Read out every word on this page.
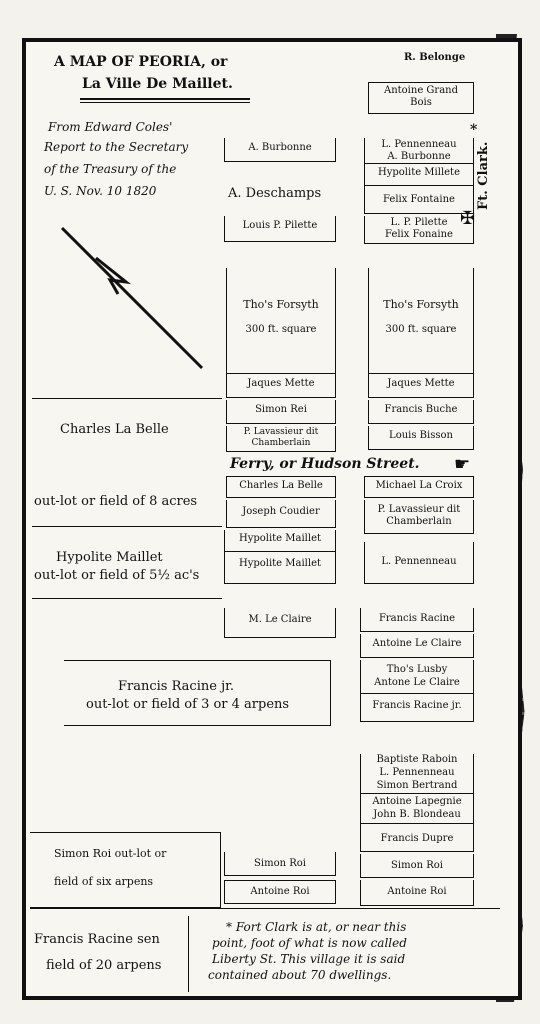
A MAP OF PEORIA, or
La Ville De Maillet.
From Edward Coles'
Report to the Secretary
of the Treasury of the
U. S. Nov. 10 1820
R. Belonge
A. Deschamps	Ft. Clark.
✠
*
A. Burbonne
Louis P. Pilette
Tho's Forsyth
300 ft. square
Jaques Mette
Simon Rei
P. Lavassieur dit
Chamberlain
Ferry, or Hudson Street. ☛
Charles La Belle
Joseph Coudier
Hypolite Maillet
Hypolite Maillet
M. Le Claire
Simon Roi
Antoine Roi
Antoine Grand
Bois
L. Pennenneau
A. Burbonne
Hypolite Millete
Felix Fontaine
L. P. Pilette
Felix Fonaine
Tho's Forsyth
300 ft. square
Jaques Mette
Francis Buche
Louis Bisson
Michael La Croix
P. Lavassieur dit
Chamberlain
L. Pennenneau
Francis Racine
Antoine Le Claire
Tho's Lusby
Antone Le Claire
Francis Racine jr.
Baptiste Raboin
L. Pennenneau
Simon Bertrand
Antoine Lapegnie
John B. Blondeau
Francis Dupre
Simon Roi
Antoine Roi
Charles La Belle
out-lot or field of 8 acres
Hypolite Maillet
out-lot or field of 5½ ac's
Francis Racine jr.
out-lot or field of 3 or 4 arpens
Simon Roi out-lot or
field of six arpens
Francis Racine sen
field of 20 arpens
* Fort Clark is at, or near this
point, foot of what is now called
Liberty St. This village it is said
contained about 70 dwellings.
